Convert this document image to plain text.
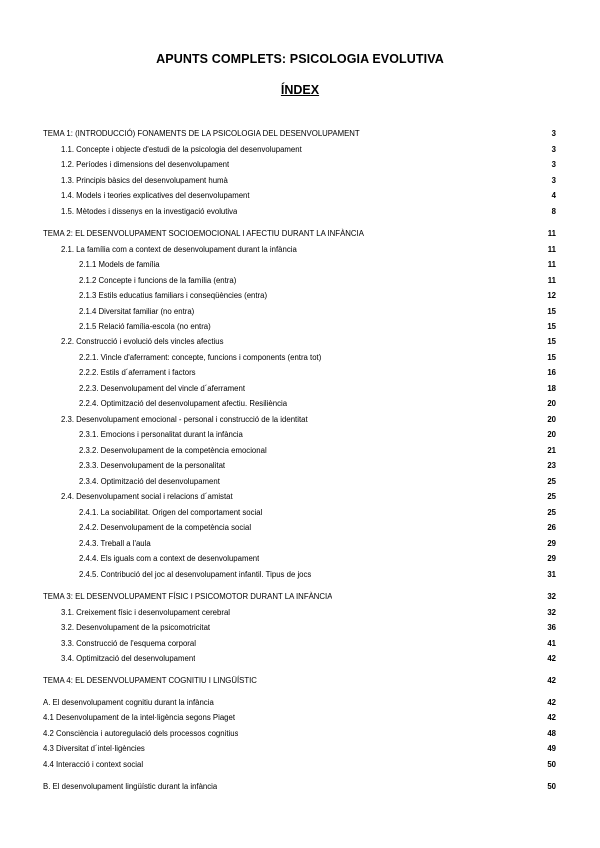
APUNTS COMPLETS: PSICOLOGIA EVOLUTIVA
ÍNDEX
TEMA 1: (INTRODUCCIÓ) FONAMENTS DE LA PSICOLOGIA DEL DESENVOLUPAMENT	3
1.1. Concepte i objecte d'estudi de la psicologia del desenvolupament	3
1.2. Períodes i dimensions del desenvolupament	3
1.3. Principis bàsics del desenvolupament humà	3
1.4. Models i teories explicatives del desenvolupament	4
1.5. Mètodes i dissenys en la investigació evolutiva	8
TEMA 2: EL DESENVOLUPAMENT SOCIOEMOCIONAL I AFECTIU DURANT LA INFÀNCIA	11
2.1. La família com a context de desenvolupament durant la infància	11
2.1.1 Models de família	11
2.1.2 Concepte i funcions de la família (entra)	11
2.1.3 Estils educatius familiars i conseqüències (entra)	12
2.1.4 Diversitat familiar (no entra)	15
2.1.5 Relació família-escola (no entra)	15
2.2. Construcció i evolució dels vincles afectius	15
2.2.1. Vincle d'aferrament: concepte, funcions i components (entra tot)	15
2.2.2. Estils d´aferrament i factors	16
2.2.3. Desenvolupament del vincle d´aferrament	18
2.2.4. Optimització del desenvolupament afectiu. Resiliència	20
2.3. Desenvolupament emocional - personal i construcció de la identitat	20
2.3.1. Emocions i personalitat durant la infància	20
2.3.2. Desenvolupament de la competència emocional	21
2.3.3. Desenvolupament de la personalitat	23
2.3.4. Optimització del desenvolupament	25
2.4. Desenvolupament social i relacions d´amistat	25
2.4.1. La sociabilitat. Origen del comportament social	25
2.4.2. Desenvolupament de la competència social	26
2.4.3. Treball a l'aula	29
2.4.4. Els iguals com a context de desenvolupament	29
2.4.5. Contribució del joc al desenvolupament infantil. Tipus de jocs	31
TEMA 3: EL DESENVOLUPAMENT FÍSIC I PSICOMOTOR DURANT LA INFÀNCIA	32
3.1. Creixement físic i desenvolupament cerebral	32
3.2. Desenvolupament de la psicomotricitat	36
3.3. Construcció de l'esquema corporal	41
3.4. Optimització del desenvolupament	42
TEMA 4: EL DESENVOLUPAMENT COGNITIU I LINGÜÍSTIC	42
A. El desenvolupament cognitiu durant la infància	42
4.1 Desenvolupament de la intel·ligència segons Piaget	42
4.2 Consciència i autoregulació dels processos cognitius	48
4.3 Diversitat d´intel·ligències	49
4.4 Interacció i context social	50
B. El desenvolupament lingüístic durant la infància	50
